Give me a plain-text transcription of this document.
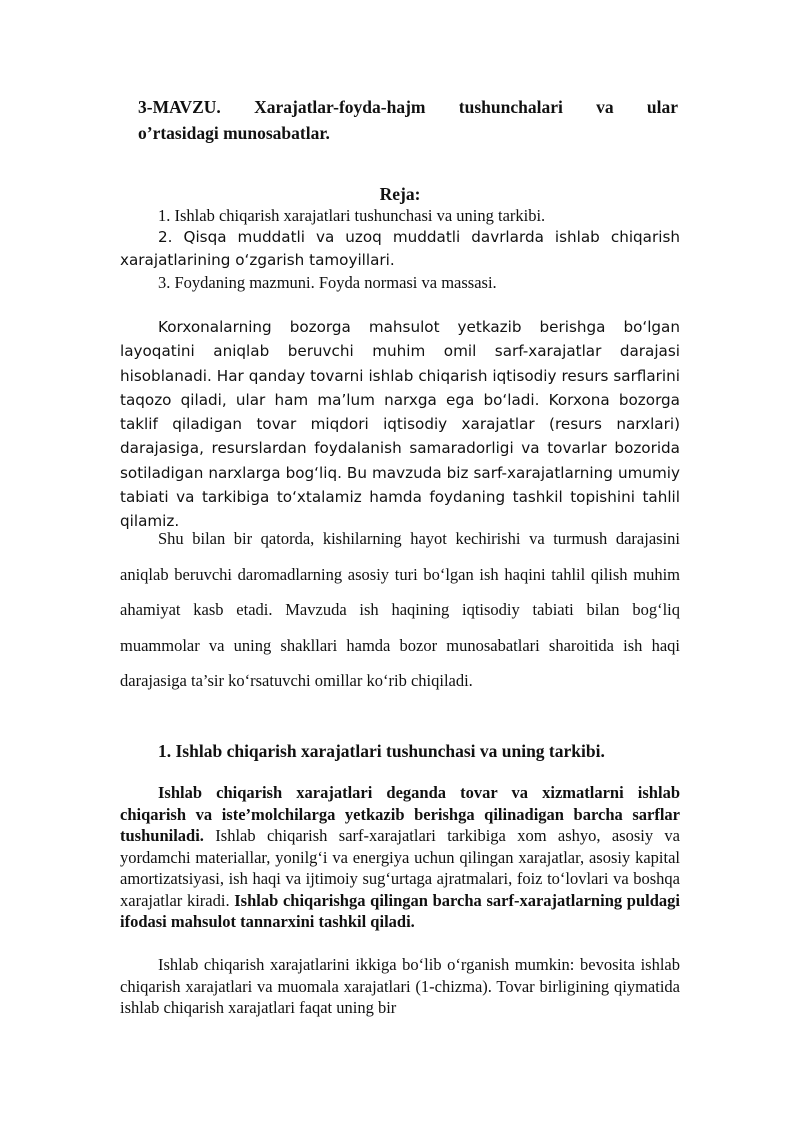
3-MAVZU. Xarajatlar-foyda-hajm tushunchalari va ular
o’rtasidagi munosabatlar.
Reja:
1. Ishlab chiqarish xarajatlari tushunchasi va uning tarkibi.
2. Qisqa muddatli va uzoq muddatli davrlarda ishlab chiqarish xarajatlarining o‘zgarish tamoyillari.
3. Foydaning mazmuni. Foyda normasi va massasi.

Korxonalarning bozorga mahsulot yetkazib berishga bo‘lgan layoqatini aniqlab beruvchi muhim omil sarf-xarajatlar darajasi hisoblanadi. Har qanday tovarni ishlab chiqarish iqtisodiy resurs sarflarini taqozo qiladi, ular ham ma’lum narxga ega bo‘ladi. Korxona bozorga taklif qiladigan tovar miqdori iqtisodiy xarajatlar (resurs narxlari) darajasiga, resurslardan foydalanish samaradorligi va tovarlar bozorida sotiladigan narxlarga bog‘liq. Bu mavzuda biz sarf-xarajatlarning umumiy tabiati va tarkibiga to‘xtalamiz hamda foydaning tashkil topishini tahlil qilamiz.

Shu bilan bir qatorda, kishilarning hayot kechirishi va turmush darajasini aniqlab beruvchi daromadlarning asosiy turi bo‘lgan ish haqini tahlil qilish muhim ahamiyat kasb etadi. Mavzuda ish haqining iqtisodiy tabiati bilan bog‘liq muammolar va uning shakllari hamda bozor munosabatlari sharoitida ish haqi darajasiga ta’sir ko‘rsatuvchi omillar ko‘rib chiqiladi.

1. Ishlab chiqarish xarajatlari tushunchasi va uning tarkibi.

Ishlab chiqarish xarajatlari deganda tovar va xizmatlarni ishlab chiqarish va iste’molchilarga yetkazib berishga qilinadigan barcha sarflar tushuniladi. Ishlab chiqarish sarf-xarajatlari tarkibiga xom ashyo, asosiy va yordamchi materiallar, yonilg‘i va energiya uchun qilingan xarajatlar, asosiy kapital amortizatsiyasi, ish haqi va ijtimoiy sug‘urtaga ajratmalari, foiz to‘lovlari va boshqa xarajatlar kiradi. Ishlab chiqarishga qilingan barcha sarf-xarajatlarning puldagi ifodasi mahsulot tannarxini tashkil qiladi.

Ishlab chiqarish xarajatlarini ikkiga bo‘lib o‘rganish mumkin: bevosita ishlab chiqarish xarajatlari va muomala xarajatlari (1-chizma). Tovar birligining qiymatida ishlab chiqarish xarajatlari faqat uning bir
